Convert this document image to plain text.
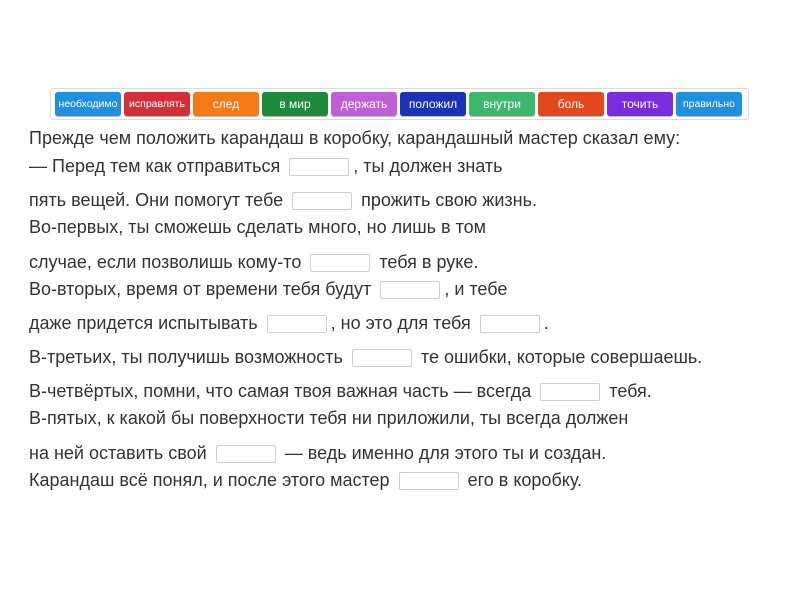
необходимо	исправлять	след	в мир	держать	положил	внутри	боль	точить	правильно
Прежде чем положить карандаш в коробку, карандашный мастер сказал ему:
— Перед тем как отправиться	, ты должен знать
пять вещей. Они помогут тебе	прожить свою жизнь.
Во-первых, ты сможешь сделать много, но лишь в том
случае, если позволишь кому-то	тебя в руке.
Во-вторых, время от времени тебя будут	, и тебе
даже придется испытывать	, но это для тебя	.
В-третьих, ты получишь возможность	те ошибки, которые совершаешь.
В-четвёртых, помни, что самая твоя важная часть — всегда	тебя.
В-пятых, к какой бы поверхности тебя ни приложили, ты всегда должен
на ней оставить свой	— ведь именно для этого ты и создан.
Карандаш всё понял, и после этого мастер	его в коробку.
